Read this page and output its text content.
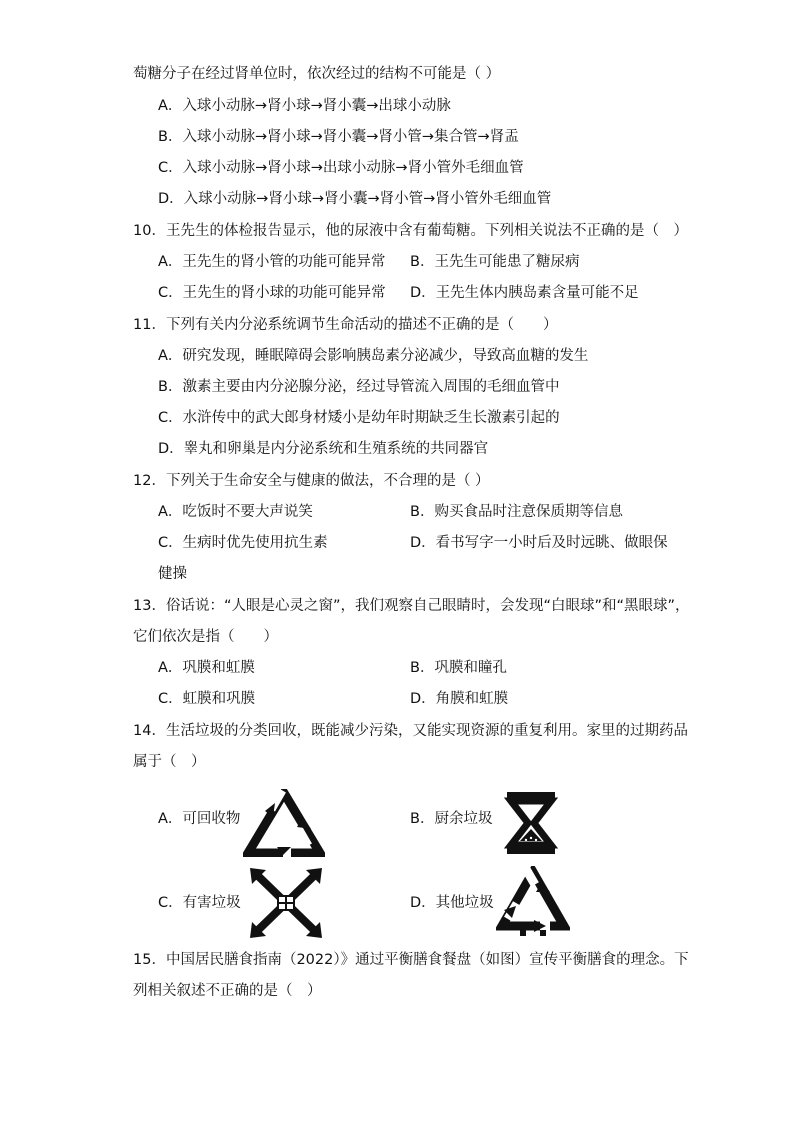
萄糖分子在经过肾单位时，依次经过的结构不可能是（ ）
A．入球小动脉→肾小球→肾小囊→出球小动脉
B．入球小动脉→肾小球→肾小囊→肾小管→集合管→肾盂
C．入球小动脉→肾小球→出球小动脉→肾小管外毛细血管
D．入球小动脉→肾小球→肾小囊→肾小管→肾小管外毛细血管
10．王先生的体检报告显示，他的尿液中含有葡萄糖。下列相关说法不正确的是（　）
A．王先生的肾小管的功能可能异常 B．王先生可能患了糖尿病
C．王先生的肾小球的功能可能异常 D．王先生体内胰岛素含量可能不足
11．下列有关内分泌系统调节生命活动的描述不正确的是（　　）
A．研究发现，睡眠障碍会影响胰岛素分泌减少，导致高血糖的发生
B．激素主要由内分泌腺分泌，经过导管流入周围的毛细血管中
C．水浒传中的武大郎身材矮小是幼年时期缺乏生长激素引起的
D．睾丸和卵巢是内分泌系统和生殖系统的共同器官
12．下列关于生命安全与健康的做法，不合理的是（ ）
A．吃饭时不要大声说笑	B．购买食品时注意保质期等信息
C．生病时优先使用抗生素	D．看书写字一小时后及时远眺、做眼保
健操
13．俗话说：“人眼是心灵之窗”，我们观察自己眼睛时，会发现“白眼球”和“黑眼球”，
它们依次是指（　　）
A．巩膜和虹膜	B．巩膜和瞳孔
C．虹膜和巩膜	D．角膜和虹膜
14．生活垃圾的分类回收，既能减少污染，又能实现资源的重复利用。家里的过期药品
属于（　）
A．可回收物	B．厨余垃圾
C．有害垃圾	D．其他垃圾
15．中国居民膳食指南（2022）》通过平衡膳食餐盘（如图）宣传平衡膳食的理念。下
列相关叙述不正确的是（　）
